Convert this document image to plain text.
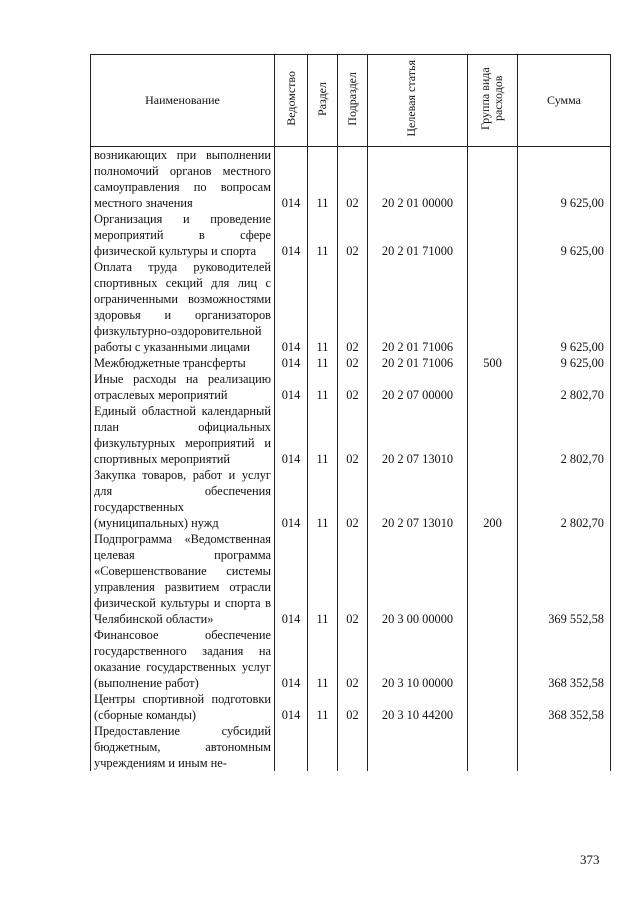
Наименование	Ведомство	Раздел	Подраздел	Целевая статья	Группа вида расходов	Сумма
возникающих при выполнении полномочий органов местного самоуправления по вопросам местного значения	014	11	02	20 2 01 00000		9 625,00
Организация и проведение мероприятий в сфере физической культуры и спорта	014	11	02	20 2 01 71000		9 625,00
Оплата труда руководителей спортивных секций для лиц с ограниченными возможностями здоровья и организаторов физкультурно-оздоровительной работы с указанными лицами	014	11	02	20 2 01 71006		9 625,00
Межбюджетные трансферты	014	11	02	20 2 01 71006	500	9 625,00
Иные расходы на реализацию отраслевых мероприятий	014	11	02	20 2 07 00000		2 802,70
Единый областной календарный план официальных физкультурных мероприятий и спортивных мероприятий	014	11	02	20 2 07 13010		2 802,70
Закупка товаров, работ и услуг для обеспечения государственных (муниципальных) нужд	014	11	02	20 2 07 13010	200	2 802,70
Подпрограмма «Ведомственная целевая программа «Совершенствование системы управления развитием отрасли физической культуры и спорта в Челябинской области»	014	11	02	20 3 00 00000		369 552,58
Финансовое обеспечение государственного задания на оказание государственных услуг (выполнение работ)	014	11	02	20 3 10 00000		368 352,58
Центры спортивной подготовки (сборные команды)	014	11	02	20 3 10 44200		368 352,58
Предоставление субсидий бюджетным, автономным учреждениям и иным не-						
373
